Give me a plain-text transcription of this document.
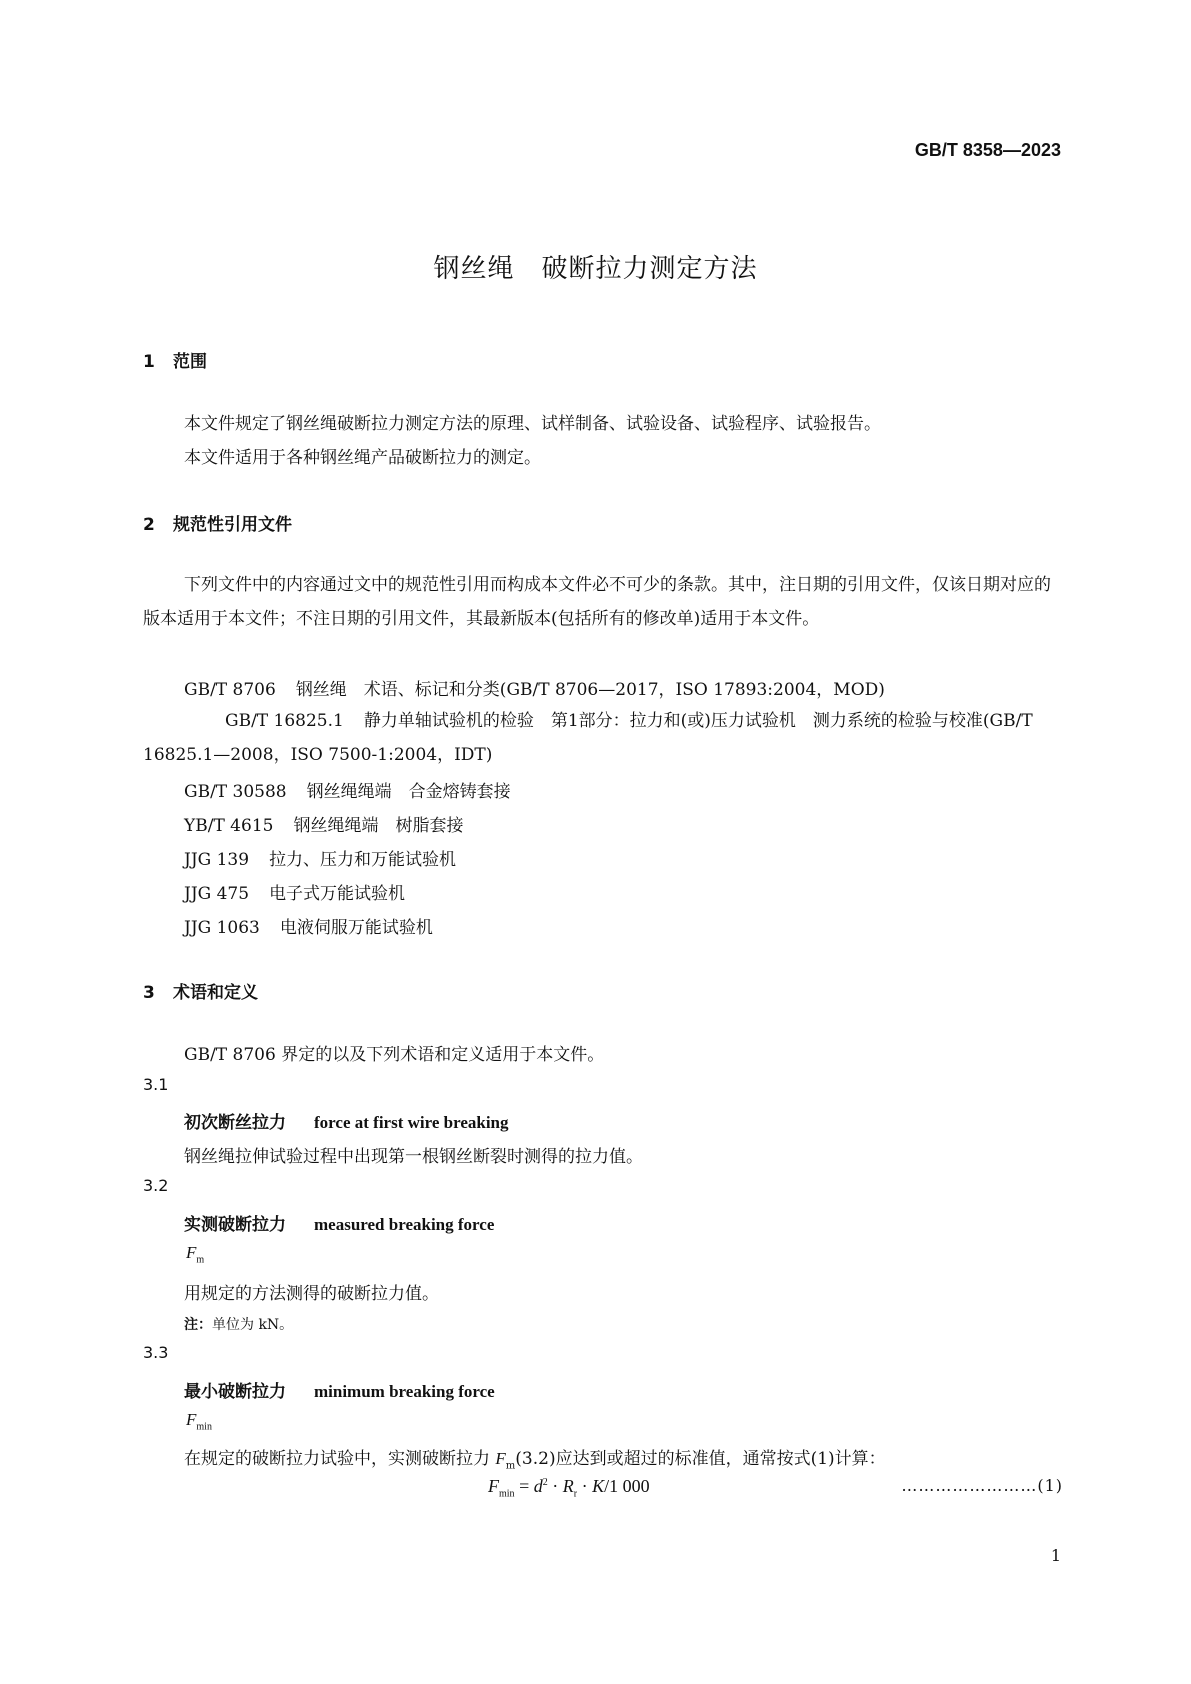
GB/T 8358—2023
钢丝绳　破断拉力测定方法
1 范围
本文件规定了钢丝绳破断拉力测定方法的原理、试样制备、试验设备、试验程序、试验报告。
本文件适用于各种钢丝绳产品破断拉力的测定。
2 规范性引用文件
下列文件中的内容通过文中的规范性引用而构成本文件必不可少的条款。其中，注日期的引用文件，仅该日期对应的版本适用于本文件；不注日期的引用文件，其最新版本(包括所有的修改单)适用于本文件。
GB/T 8706 钢丝绳　术语、标记和分类(GB/T 8706—2017，ISO 17893:2004，MOD)
GB/T 16825.1 静力单轴试验机的检验　第1部分：拉力和(或)压力试验机　测力系统的检验与校准(GB/T 16825.1—2008，ISO 7500-1:2004，IDT)
GB/T 30588 钢丝绳绳端　合金熔铸套接
YB/T 4615 钢丝绳绳端　树脂套接
JJG 139 拉力、压力和万能试验机
JJG 475 电子式万能试验机
JJG 1063 电液伺服万能试验机
3 术语和定义
GB/T 8706 界定的以及下列术语和定义适用于本文件。
3.1
初次断丝拉力 force at first wire breaking
钢丝绳拉伸试验过程中出现第一根钢丝断裂时测得的拉力值。
3.2
实测破断拉力 measured breaking force
$F_m$
用规定的方法测得的破断拉力值。
注：单位为 kN。
3.3
最小破断拉力 minimum breaking force
$F_{min}$
在规定的破断拉力试验中，实测破断拉力 $F_m(3.2)$应达到或超过的标准值，通常按式(1)计算：
$F_{min} = d^2 \cdot R_r \cdot K/1$ 000	……………………(1)
1
